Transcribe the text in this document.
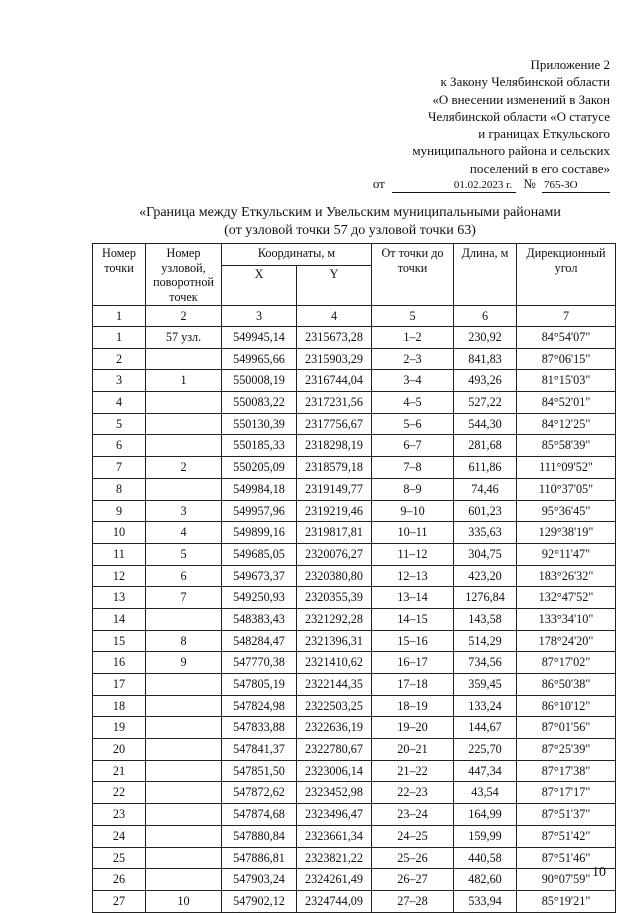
Приложение 2
к Закону Челябинской области
«О внесении изменений в Закон
Челябинской области «О статусе
и границах Еткульского
муниципального района и сельских
поселений в его составе»
от	01.02.2023 г. № 765-ЗО
«Граница между Еткульским и Увельским муниципальными районами
(от узловой точки 57 до узловой точки 63)
Номер точки	Номер узловой, поворотной точек	Координаты, м		От точки до точки	Длина, м	Дирекционный угол
		X	Y			
1	2	3	4	5	6	7
1	57 узл.	549945,14	2315673,28	1–2	230,92	84°54'07"
2		549965,66	2315903,29	2–3	841,83	87°06'15"
3	1	550008,19	2316744,04	3–4	493,26	81°15'03"
4		550083,22	2317231,56	4–5	527,22	84°52'01"
5		550130,39	2317756,67	5–6	544,30	84°12'25"
6		550185,33	2318298,19	6–7	281,68	85°58'39"
7	2	550205,09	2318579,18	7–8	611,86	111°09'52"
8		549984,18	2319149,77	8–9	74,46	110°37'05"
9	3	549957,96	2319219,46	9–10	601,23	95°36'45"
10	4	549899,16	2319817,81	10–11	335,63	129°38'19"
11	5	549685,05	2320076,27	11–12	304,75	92°11'47"
12	6	549673,37	2320380,80	12–13	423,20	183°26'32"
13	7	549250,93	2320355,39	13–14	1276,84	132°47'52"
14		548383,43	2321292,28	14–15	143,58	133°34'10"
15	8	548284,47	2321396,31	15–16	514,29	178°24'20"
16	9	547770,38	2321410,62	16–17	734,56	87°17'02"
17		547805,19	2322144,35	17–18	359,45	86°50'38"
18		547824,98	2322503,25	18–19	133,24	86°10'12"
19		547833,88	2322636,19	19–20	144,67	87°01'56"
20		547841,37	2322780,67	20–21	225,70	87°25'39"
21		547851,50	2323006,14	21–22	447,34	87°17'38"
22		547872,62	2323452,98	22–23	43,54	87°17'17"
23		547874,68	2323496,47	23–24	164,99	87°51'37"
24		547880,84	2323661,34	24–25	159,99	87°51'42"
25		547886,81	2323821,22	25–26	440,58	87°51'46"
26		547903,24	2324261,49	26–27	482,60	90°07'59"
27	10	547902,12	2324744,09	27–28	533,94	85°19'21"
10
